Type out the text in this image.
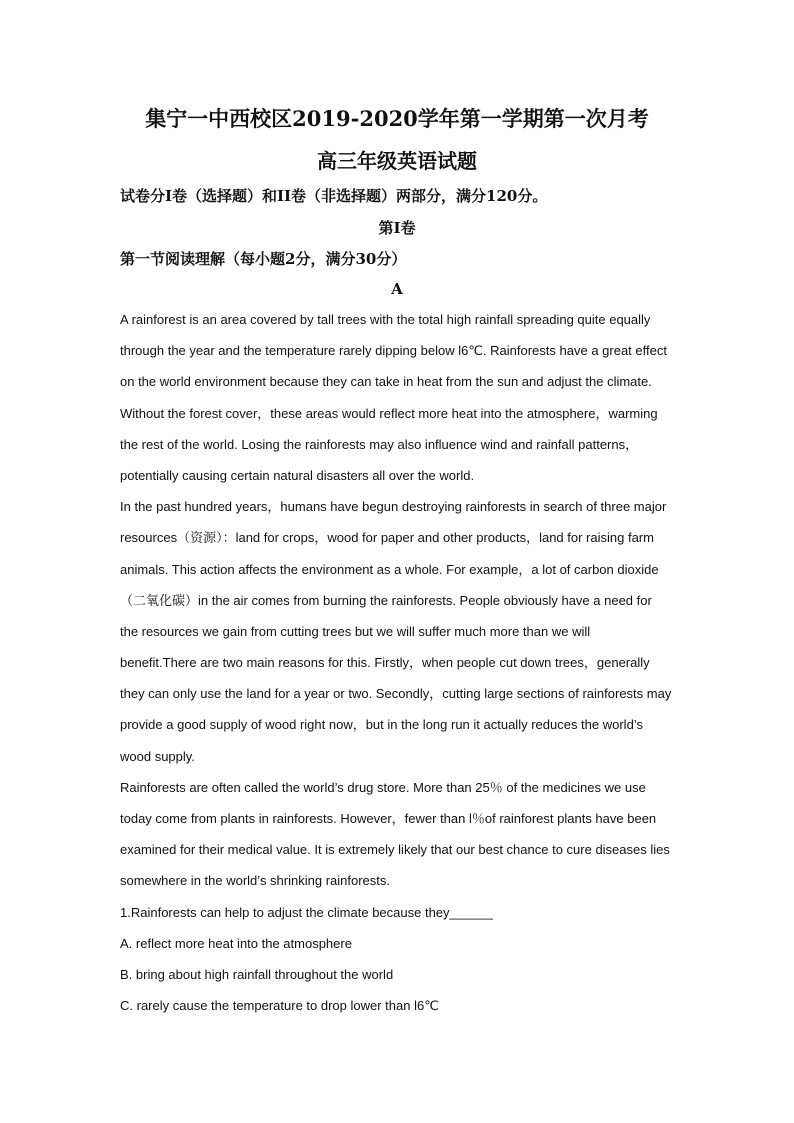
集宁一中西校区2019-2020学年第一学期第一次月考
高三年级英语试题
试卷分I卷（选择题）和II卷（非选择题）两部分，满分120分。
第I卷
第一节阅读理解（每小题2分，满分30分）
A
A rainforest is an area covered by tall trees with the total high rainfall spreading quite equally
through the year and the temperature rarely dipping below l6℃. Rainforests have a great effect
on the world environment because they can take in heat from the sun and adjust the climate.
Without the forest cover，these areas would reflect more heat into the atmosphere，warming
the rest of the world. Losing the rainforests may also influence wind and rainfall patterns，
potentially causing certain natural disasters all over the world.
In the past hundred years，humans have begun destroying rainforests in search of three major
resources（资源）：land for crops，wood for paper and other products，land for raising farm
animals. This action affects the environment as a whole. For example，a lot of carbon dioxide
（二氧化碳）in the air comes from burning the rainforests. People obviously have a need for
the resources we gain from cutting trees but we will suffer much more than we will
benefit.There are two main reasons for this. Firstly，when people cut down trees，generally
they can only use the land for a year or two. Secondly，cutting large sections of rainforests may
provide a good supply of wood right now，but in the long run it actually reduces the world’s
wood supply.
Rainforests are often called the world’s drug store. More than 25％ of the medicines we use
today come from plants in rainforests. However，fewer than l％of rainforest plants have been
examined for their medical value. It is extremely likely that our best chance to cure diseases lies
somewhere in the world’s shrinking rainforests.
1.Rainforests can help to adjust the climate because they______
A. reflect more heat into the atmosphere
B. bring about high rainfall throughout the world
C. rarely cause the temperature to drop lower than l6℃
